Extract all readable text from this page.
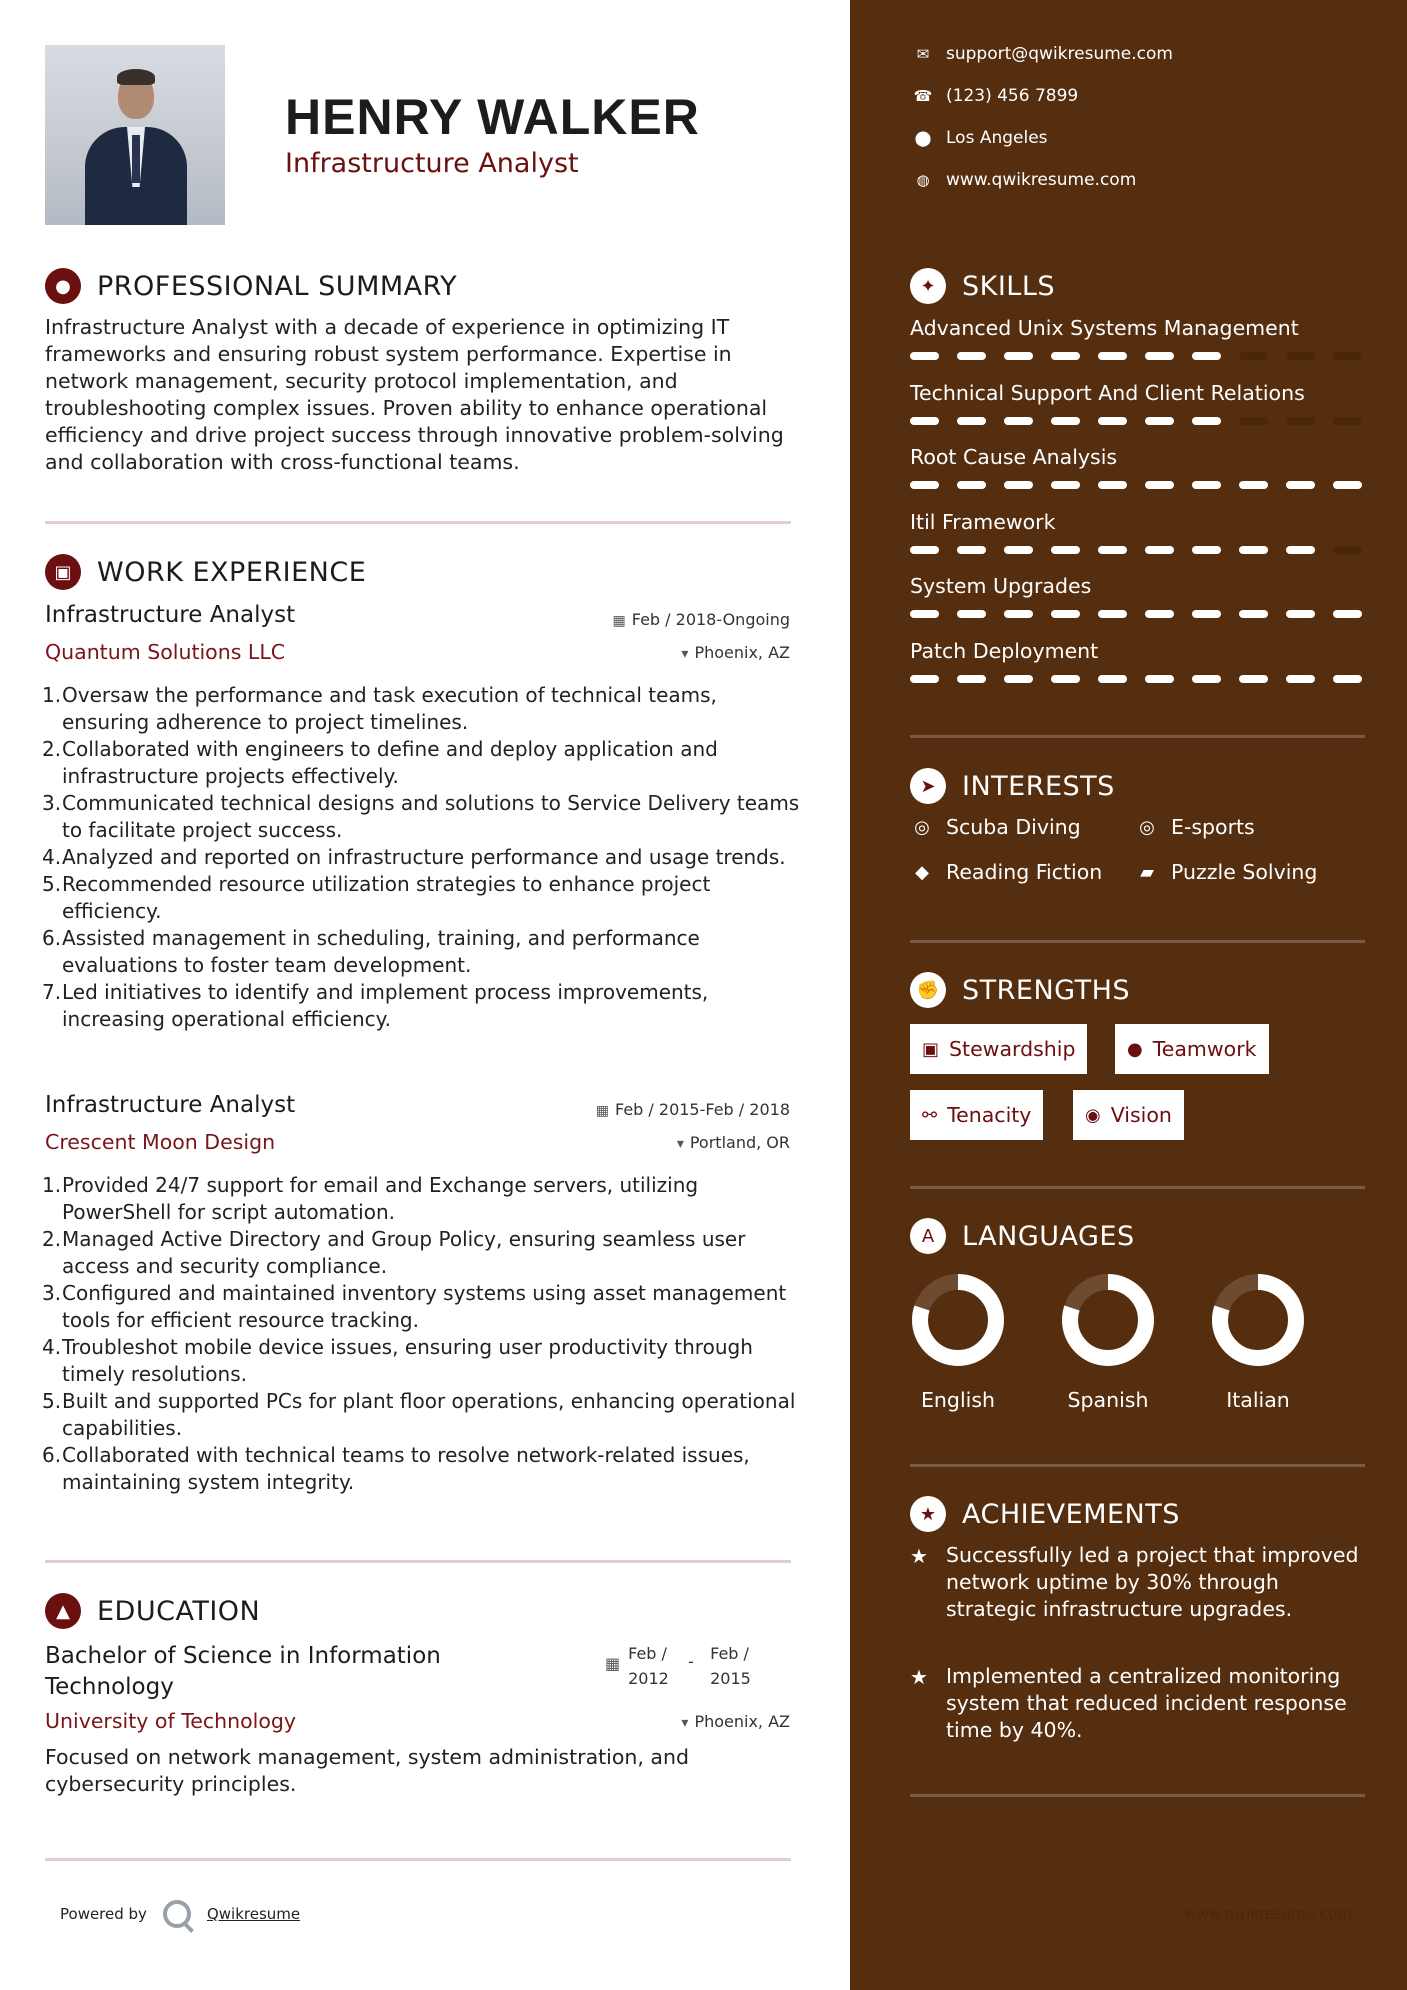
HENRY WALKER
Infrastructure Analyst
● PROFESSIONAL SUMMARY
Infrastructure Analyst with a decade of experience in optimizing IT frameworks and ensuring robust system performance. Expertise in network management, security protocol implementation, and troubleshooting complex issues. Proven ability to enhance operational efficiency and drive project success through innovative problem-solving and collaboration with cross-functional teams.
▣ WORK EXPERIENCE
Infrastructure Analyst	▦ Feb / 2018-Ongoing
Quantum Solutions LLC	▾ Phoenix, AZ
1. Oversaw the performance and task execution of technical teams, ensuring adherence to project timelines.
2. Collaborated with engineers to define and deploy application and infrastructure projects effectively.
3. Communicated technical designs and solutions to Service Delivery teams to facilitate project success.
4. Analyzed and reported on infrastructure performance and usage trends.
5. Recommended resource utilization strategies to enhance project efficiency.
6. Assisted management in scheduling, training, and performance evaluations to foster team development.
7. Led initiatives to identify and implement process improvements, increasing operational efficiency.
Infrastructure Analyst	▦ Feb / 2015-Feb / 2018
Crescent Moon Design	▾ Portland, OR
1. Provided 24/7 support for email and Exchange servers, utilizing PowerShell for script automation.
2. Managed Active Directory and Group Policy, ensuring seamless user access and security compliance.
3. Configured and maintained inventory systems using asset management tools for efficient resource tracking.
4. Troubleshot mobile device issues, ensuring user productivity through timely resolutions.
5. Built and supported PCs for plant floor operations, enhancing operational capabilities.
6. Collaborated with technical teams to resolve network-related issues, maintaining system integrity.
▲	EDUCATION
Bachelor of Science in Information Technology
▦
Feb / 2012
-	Feb / 2015
University of Technology	▾ Phoenix, AZ
Focused on network management, system administration, and cybersecurity principles.
Powered by	Qwikresume
✉ support@qwikresume.com
☎ (123) 456 7899
⬤ Los Angeles
◍ www.qwikresume.com
✦ SKILLS
Advanced Unix Systems Management
Technical Support And Client Relations
Root Cause Analysis
Itil Framework
System Upgrades
Patch Deployment
➤ INTERESTS
◎ Scuba Diving	◎ E-sports
◆ Reading Fiction ▰ Puzzle Solving
✊ STRENGTHS
▣ Stewardship	● Teamwork
⚯ Tenacity	◉ Vision
A	LANGUAGES
English	Spanish	Italian
★ ACHIEVEMENTS
★ Successfully led a project that improved network uptime by 30% through strategic infrastructure upgrades.
★ Implemented a centralized monitoring system that reduced incident response time by 40%.
www.qwikresume.com
